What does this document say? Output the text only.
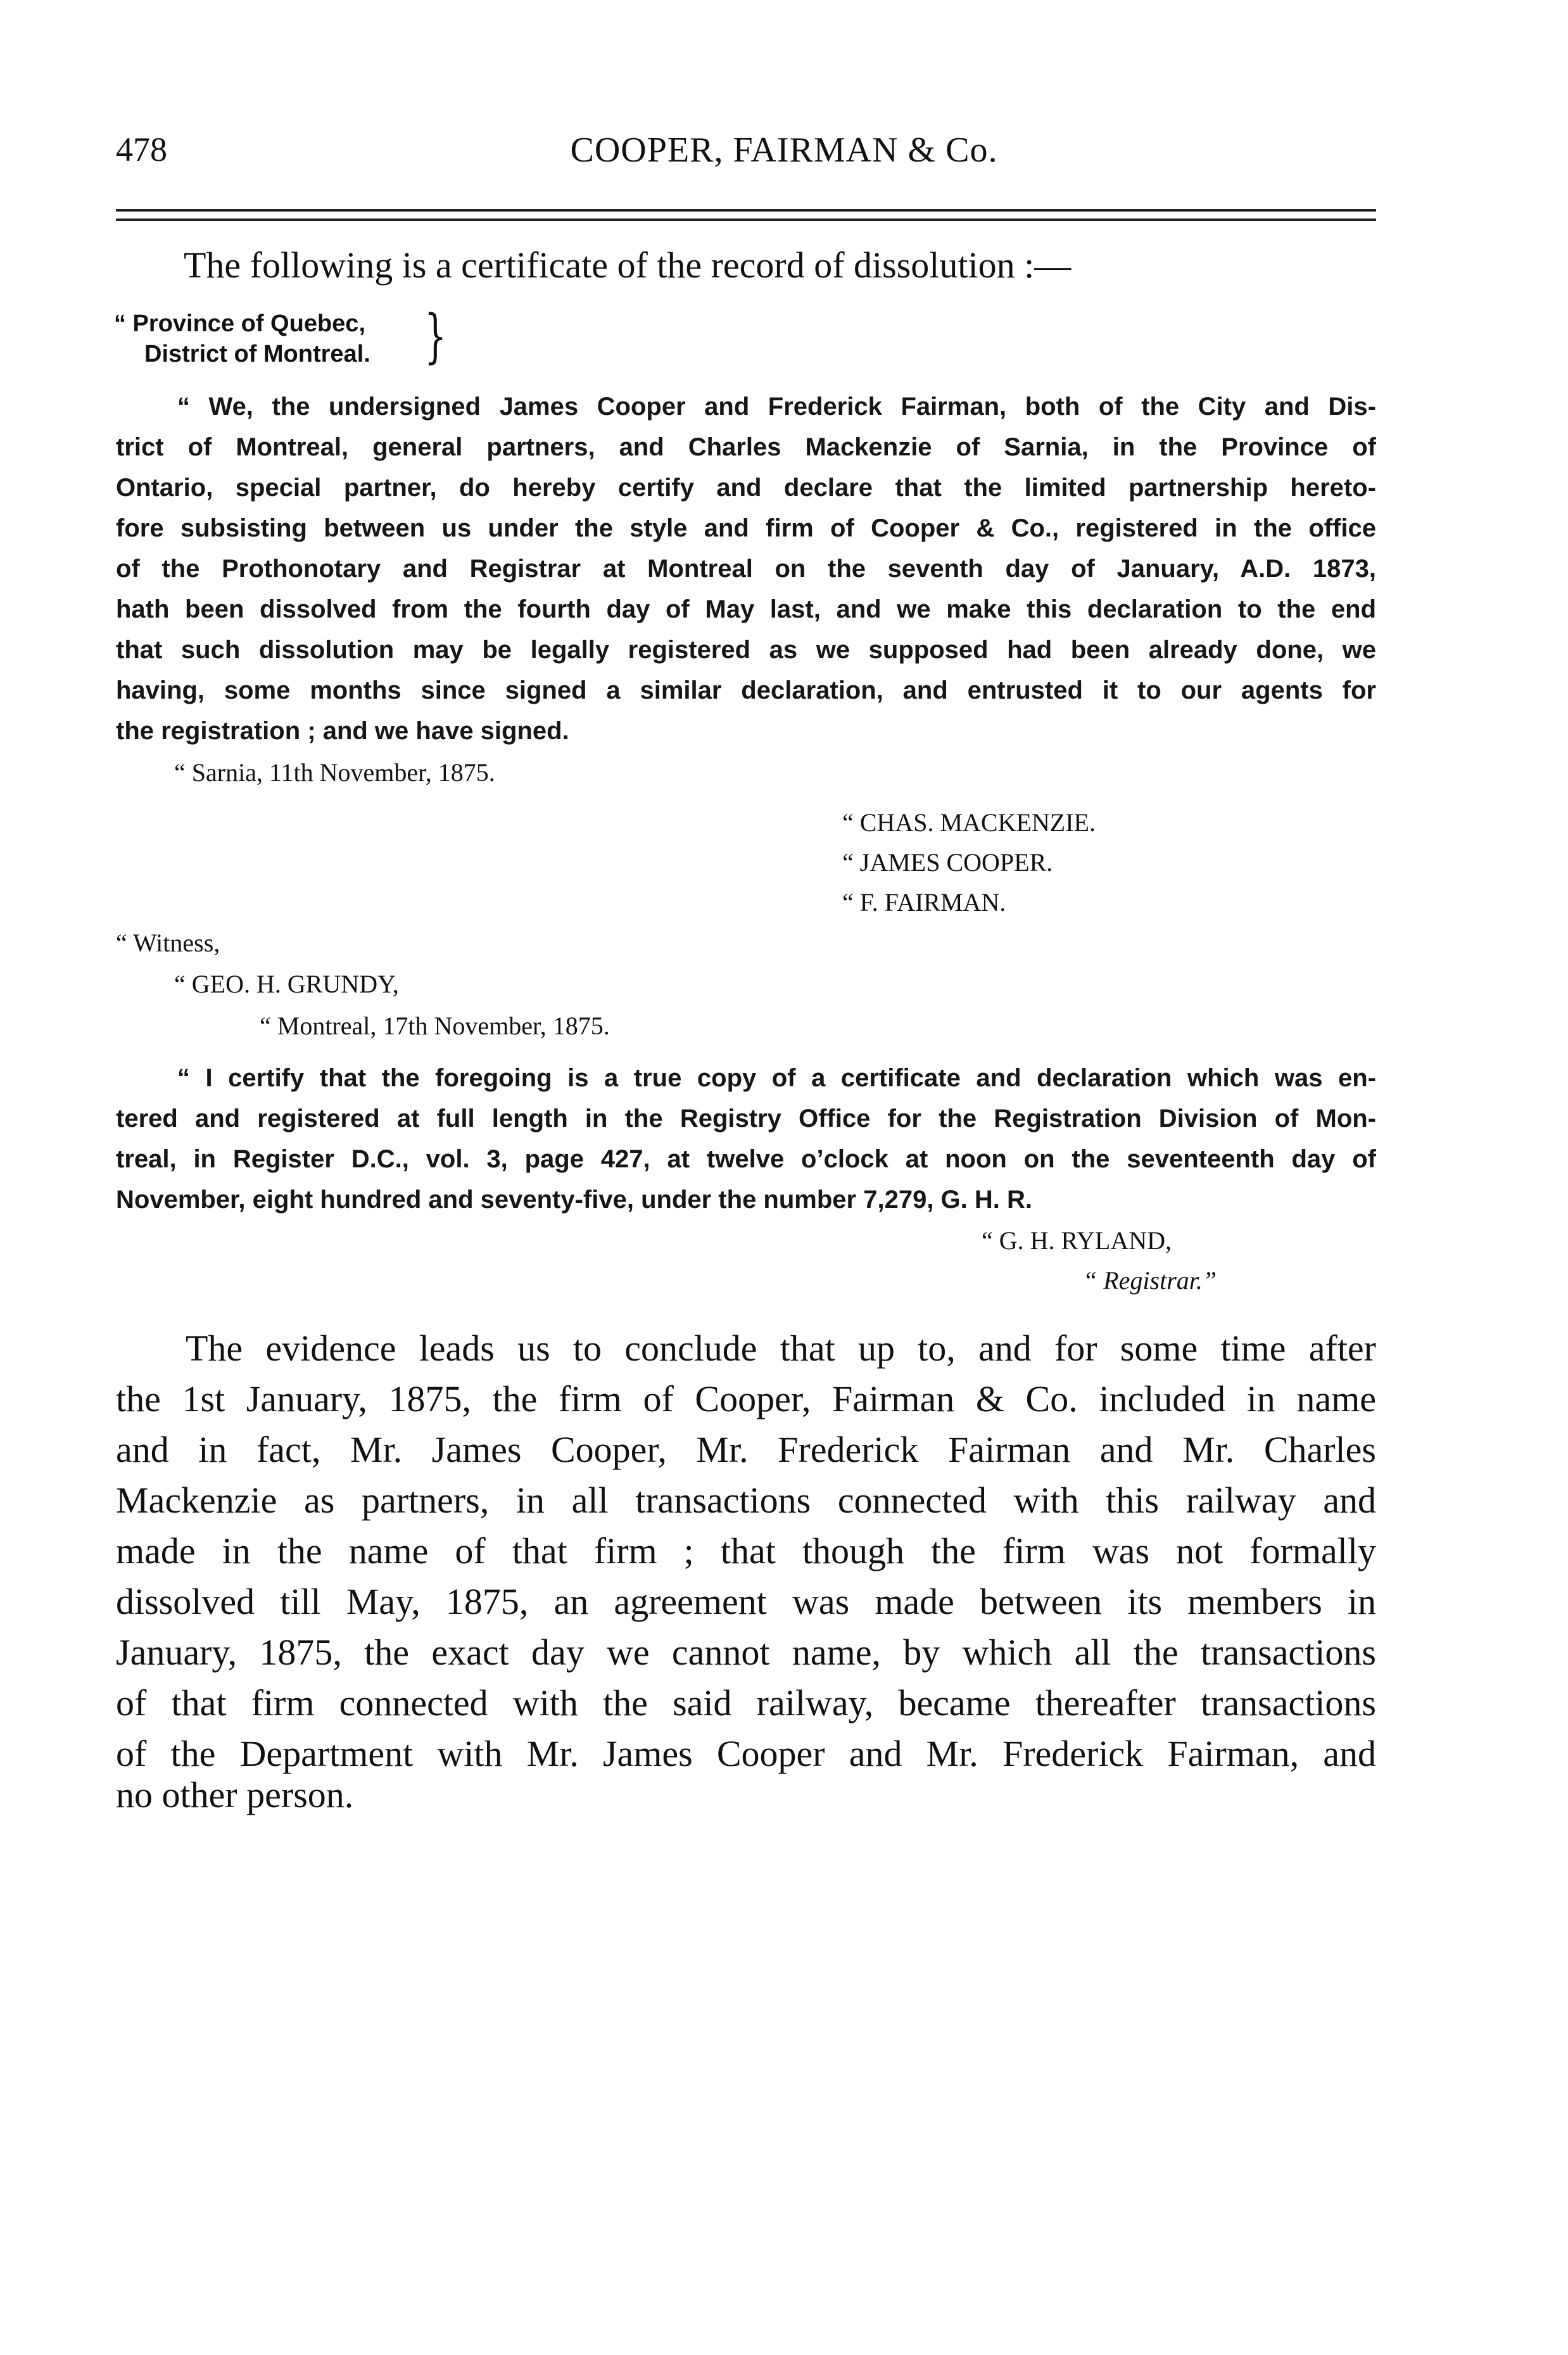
478	COOPER, FAIRMAN & Co.
The following is a certificate of the record of dissolution :—
“ Province of Quebec,
District of Montreal. }
“ We, the undersigned James Cooper and Frederick Fairman, both of the City and Dis-
trict of Montreal, general partners, and Charles Mackenzie of Sarnia, in the Province of
Ontario, special partner, do hereby certify and declare that the limited partnership hereto-
fore subsisting between us under the style and firm of Cooper & Co., registered in the office
of the Prothonotary and Registrar at Montreal on the seventh day of January, A.D. 1873,
hath been dissolved from the fourth day of May last, and we make this declaration to the end
that such dissolution may be legally registered as we supposed had been already done, we
having, some months since signed a similar declaration, and entrusted it to our agents for
the registration ; and we have signed.
“ Sarnia, 11th November, 1875.
“ CHAS. MACKENZIE.
“ JAMES COOPER.
“ F. FAIRMAN.
“ Witness,
“ GEO. H. GRUNDY,
“ Montreal, 17th November, 1875.
“ I certify that the foregoing is a true copy of a certificate and declaration which was en-
tered and registered at full length in the Registry Office for the Registration Division of Mon-
treal, in Register D.C., vol. 3, page 427, at twelve o’clock at noon on the seventeenth day of
November, eight hundred and seventy-five, under the number 7,279, G. H. R.
“ G. H. RYLAND,
“ Registrar.”
The evidence leads us to conclude that up to, and for some time after
the 1st January, 1875, the firm of Cooper, Fairman & Co. included in name
and in fact, Mr. James Cooper, Mr. Frederick Fairman and Mr. Charles
Mackenzie as partners, in all transactions connected with this railway and
made in the name of that firm ; that though the firm was not formally
dissolved till May, 1875, an agreement was made between its members in
January, 1875, the exact day we cannot name, by which all the transactions
of that firm connected with the said railway, became thereafter transactions
of the Department with Mr. James Cooper and Mr. Frederick Fairman, and
no other person.
